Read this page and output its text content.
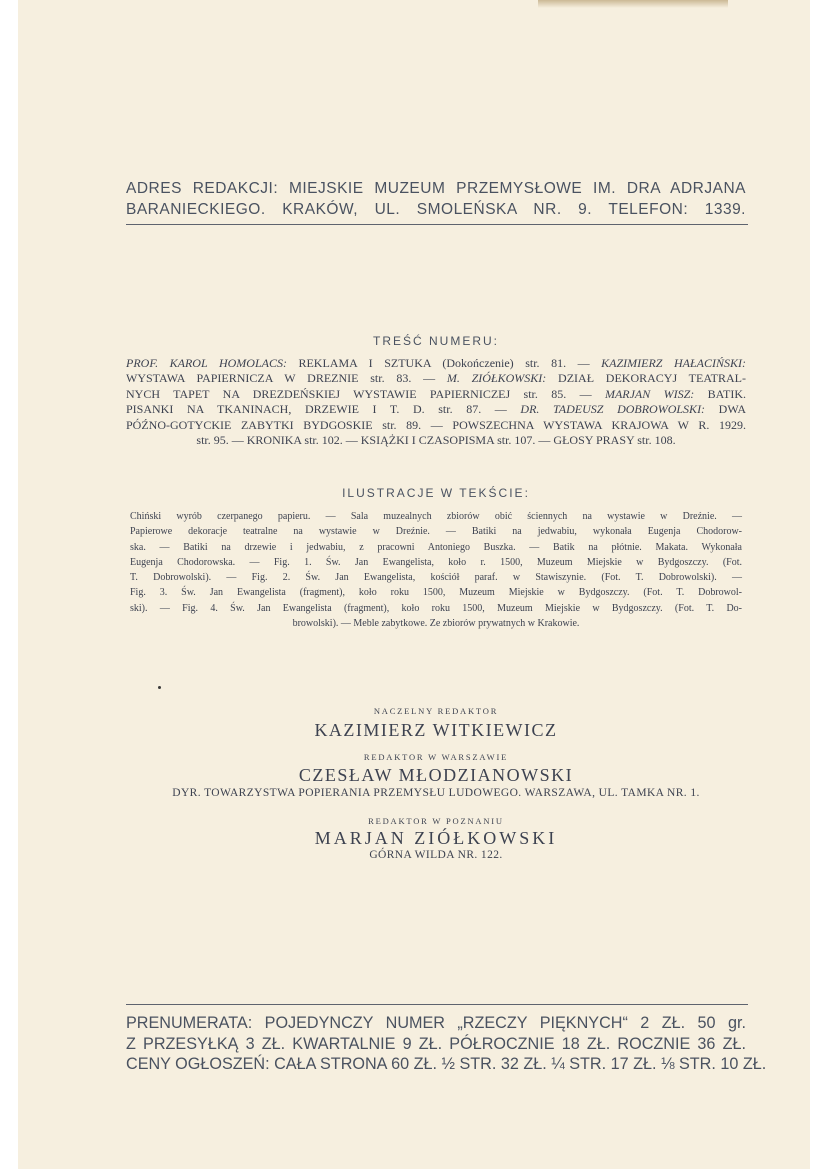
ADRES REDAKCJI: MIEJSKIE MUZEUM PRZEMYSŁOWE IM. DRA ADRJANA
BARANIECKIEGO. KRAKÓW, UL. SMOLEŃSKA NR. 9. TELEFON: 1339.
TREŚĆ NUMERU:
PROF. KAROL HOMOLACS: REKLAMA I SZTUKA (Dokończenie) str. 81. — KAZIMIERZ HAŁACIŃSKI:
WYSTAWA PAPIERNICZA W DREZNIE str. 83. — M. ZIÓŁKOWSKI: DZIAŁ DEKORACYJ TEATRAL-
NYCH TAPET NA DREZDEŃSKIEJ WYSTAWIE PAPIERNICZEJ str. 85. — MARJAN WISZ: BATIK.
PISANKI NA TKANINACH, DRZEWIE I T. D. str. 87. — DR. TADEUSZ DOBROWOLSKI: DWA
PÓŹNO-GOTYCKIE ZABYTKI BYDGOSKIE str. 89. — POWSZECHNA WYSTAWA KRAJOWA W R. 1929.
str. 95. — KRONIKA str. 102. — KSIĄŻKI I CZASOPISMA str. 107. — GŁOSY PRASY str. 108.
ILUSTRACJE W TEKŚCIE:
Chiński wyrób czerpanego papieru. — Sala muzealnych zbiorów obić ściennych na wystawie w Dreźnie. —
Papierowe dekoracje teatralne na wystawie w Dreźnie. — Batiki na jedwabiu, wykonała Eugenja Chodorow-
ska. — Batiki na drzewie i jedwabiu, z pracowni Antoniego Buszka. — Batik na płótnie. Makata. Wykonała
Eugenja Chodorowska. — Fig. 1. Św. Jan Ewangelista, koło r. 1500, Muzeum Miejskie w Bydgoszczy. (Fot.
T. Dobrowolski). — Fig. 2. Św. Jan Ewangelista, kościół paraf. w Stawiszynie. (Fot. T. Dobrowolski). —
Fig. 3. Św. Jan Ewangelista (fragment), koło roku 1500, Muzeum Miejskie w Bydgoszczy. (Fot. T. Dobrowol-
ski). — Fig. 4. Św. Jan Ewangelista (fragment), koło roku 1500, Muzeum Miejskie w Bydgoszczy. (Fot. T. Do-
browolski). — Meble zabytkowe. Ze zbiorów prywatnych w Krakowie.
NACZELNY REDAKTOR
KAZIMIERZ WITKIEWICZ
REDAKTOR W WARSZAWIE
CZESŁAW MŁODZIANOWSKI
DYR. TOWARZYSTWA POPIERANIA PRZEMYSŁU LUDOWEGO. WARSZAWA, UL. TAMKA NR. 1.
REDAKTOR W POZNANIU
MARJAN ZIÓŁKOWSKI
GÓRNA WILDA NR. 122.
PRENUMERATA: POJEDYNCZY NUMER „RZECZY PIĘKNYCH“ 2 ZŁ. 50 gr.
Z PRZESYŁKĄ 3 ZŁ. KWARTALNIE 9 ZŁ. PÓŁROCZNIE 18 ZŁ. ROCZNIE 36 ZŁ.
CENY OGŁOSZEŃ: CAŁA STRONA 60 ZŁ. ½ STR. 32 ZŁ. ¼ STR. 17 ZŁ. ⅛ STR. 10 ZŁ.
